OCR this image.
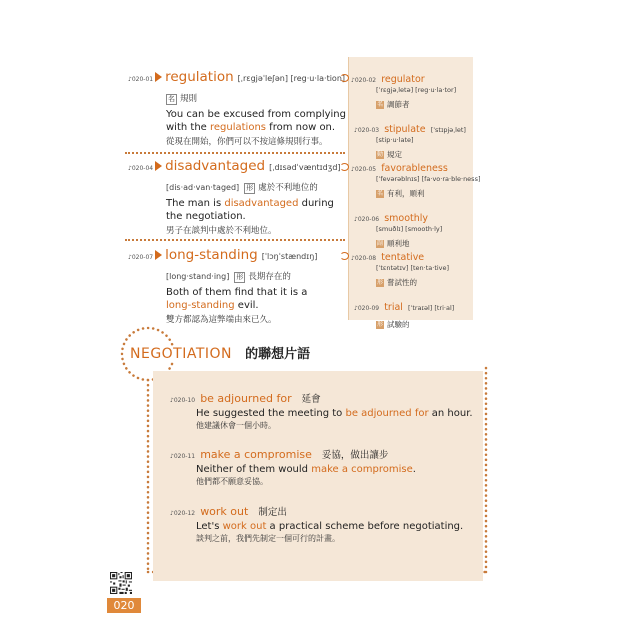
♪020-01 regulation [ˌrɛgjəˈleʃən] [reg·u·la·tion]
名 規則
You can be excused from complying with the regulations from now on.
從現在開始，你們可以不按這條規則行事。
♪020-04 disadvantaged [ˌdɪsədˈvæntɪdʒd]
[dis·ad·van·taged] 形 處於不利地位的
The man is disadvantaged during the negotiation.
男子在談判中處於不利地位。
♪020-07 long-standing [ˈlɔŋˈstændɪŋ]
[long·stand·ing] 形 長期存在的
Both of them find that it is a long-standing evil.
雙方都認為這弊端由來已久。
♪020-02 regulator
[ˈrɛgjəˌletə] [reg·u·la·tor]
名 調節者
♪020-03 stipulate [ˈstɪpjəˌlet]
[stip·u·late]
動 規定
♪020-05 favorableness
[ˈfevərəblnɪs] [fa·vo·ra·ble·ness]
名 有利，順利
♪020-06 smoothly
[smuðlɪ] [smooth·ly]
副 順利地
♪020-08 tentative
[ˈtɛntətɪv] [ten·ta·tive]
形 嘗試性的
♪020-09 trial [ˈtraɪəl] [tri·al]
形 試驗的
NEGOTIATION 的聯想片語
♪020-10 be adjourned for 延會
He suggested the meeting to be adjourned for an hour.
他建議休會一個小時。
♪020-11 make a compromise 妥協，做出讓步
Neither of them would make a compromise.
他們都不願意妥協。
♪020-12 work out 制定出
Let's work out a practical scheme before negotiating.
談判之前，我們先制定一個可行的計畫。
020
